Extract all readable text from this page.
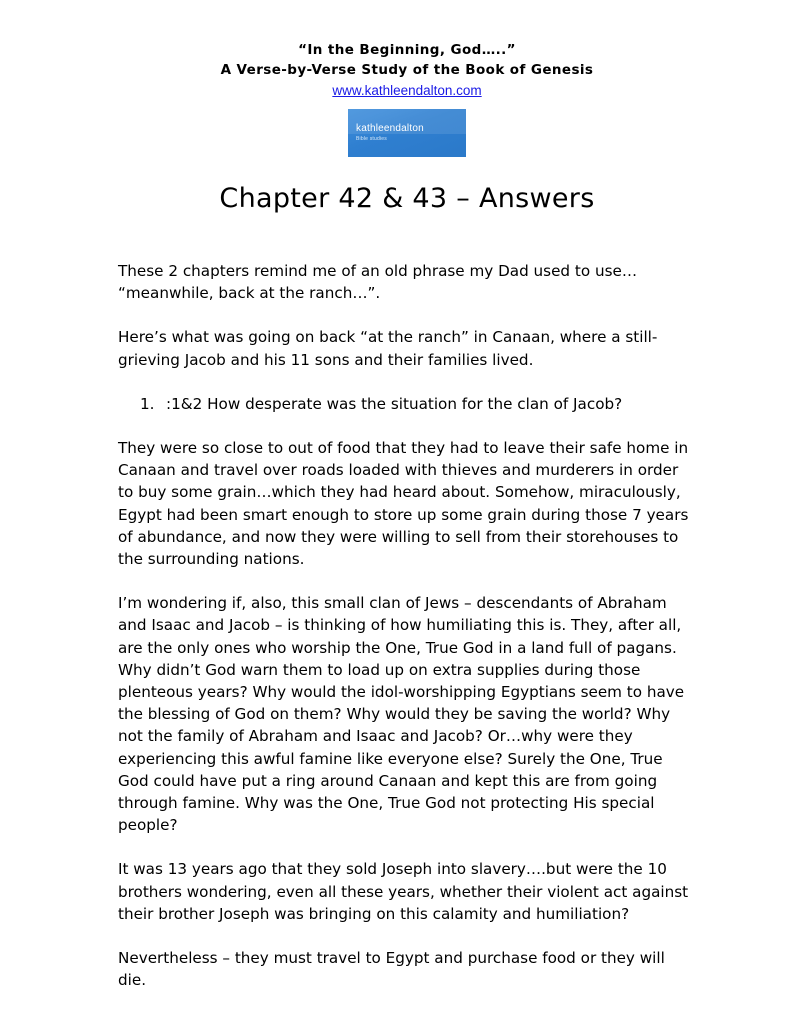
“In the Beginning, God…..”
A Verse-by-Verse Study of the Book of Genesis
www.kathleendalton.com
kathleendalton
Bible studies
Chapter 42 & 43 – Answers

These 2 chapters remind me of an old phrase my Dad used to use… “meanwhile, back at the ranch…”.

Here’s what was going on back “at the ranch” in Canaan, where a still-grieving Jacob and his 11 sons and their families lived.

1. :1&2 How desperate was the situation for the clan of Jacob?

They were so close to out of food that they had to leave their safe home in Canaan and travel over roads loaded with thieves and murderers in order to buy some grain…which they had heard about. Somehow, miraculously, Egypt had been smart enough to store up some grain during those 7 years of abundance, and now they were willing to sell from their storehouses to the surrounding nations.

I’m wondering if, also, this small clan of Jews – descendants of Abraham and Isaac and Jacob – is thinking of how humiliating this is. They, after all, are the only ones who worship the One, True God in a land full of pagans. Why didn’t God warn them to load up on extra supplies during those plenteous years? Why would the idol-worshipping Egyptians seem to have the blessing of God on them? Why would they be saving the world? Why not the family of Abraham and Isaac and Jacob? Or…why were they experiencing this awful famine like everyone else? Surely the One, True God could have put a ring around Canaan and kept this are from going through famine. Why was the One, True God not protecting His special people?

It was 13 years ago that they sold Joseph into slavery….but were the 10 brothers wondering, even all these years, whether their violent act against their brother Joseph was bringing on this calamity and humiliation?

Nevertheless – they must travel to Egypt and purchase food or they will die.
